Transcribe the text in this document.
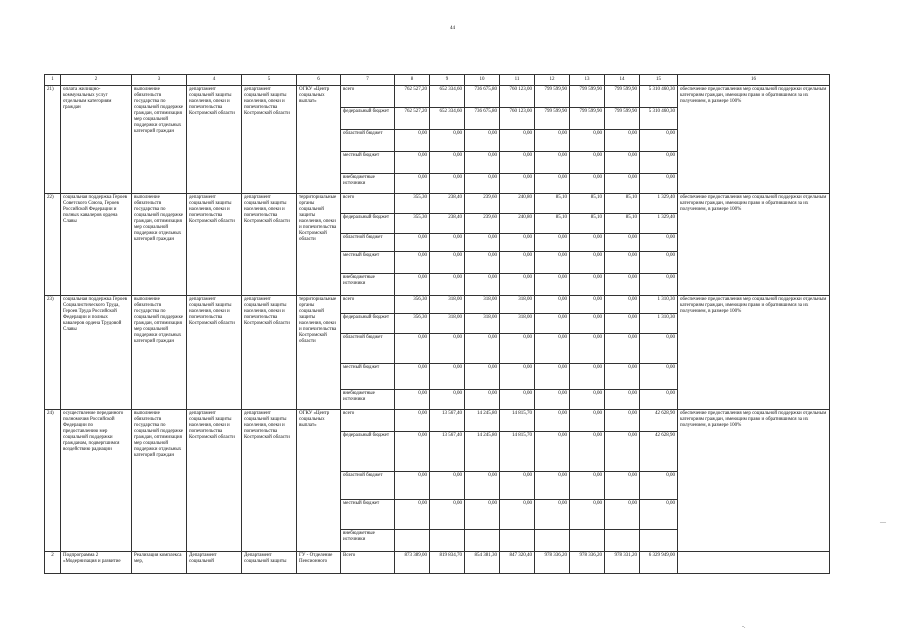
44
—
-.
1	2	3	4	5	6	7	8	9	10	11	12	13	14	15	16
21)	оплата жилищно-коммунальных услуг отдельным категориям граждан	выполнение обязательств государства по социальной поддержке граждан, оптимизация мер социальной поддержки отдельных категорий граждан	департамент социальной защиты населения, опеки и попечительства Костромской области	департамент социальной защиты населения, опеки и попечительства Костромской области	ОГКУ «Центр социальных выплат»	всего	762 527,20	652 334,60	736 675,80	760 123,00	799 599,90	799 599,90	799 599,90	5 310 460,30	обеспечение предоставления мер социальной поддержки отдельным категориям граждан, имеющим право и обратившимся за их получением, в размере 100%
						федеральный бюджет	762 527,20	652 334,60	736 675,80	760 123,00	799 599,90	799 599,90	799 599,90	5 310 460,30	
						областной бюджет	0,00	0,00	0,00	0,00	0,00	0,00	0,00	0,00	
						местный бюджет	0,00	0,00	0,00	0,00	0,00	0,00	0,00	0,00	
						внебюджетные источники	0,00	0,00	0,00	0,00	0,00	0,00	0,00	0,00	
22)	социальная поддержка Героев Советского Союза, Героев Российской Федерации и полных кавалеров ордена Славы	выполнение обязательств государства по социальной поддержке граждан, оптимизация мер социальной поддержки отдельных категорий граждан	департамент социальной защиты населения, опеки и попечительства Костромской области	департамент социальной защиты населения, опеки и попечительства Костромской области	территориальные органы социальной защиты населения, опеки и попечительства Костромской области	всего	355,30	238,40	239,60	240,80	85,10	85,10	85,10	1 329,40	обеспечение предоставления мер социальной поддержки отдельным категориям граждан, имеющим право и обратившимся за их получением, в размере 100%
						федеральный бюджет	355,30	238,40	239,60	240,80	85,10	85,10	85,10	1 329,40	
						областной бюджет	0,00	0,00	0,00	0,00	0,00	0,00	0,00	0,00	
						местный бюджет	0,00	0,00	0,00	0,00	0,00	0,00	0,00	0,00	
						внебюджетные источники	0,00	0,00	0,00	0,00	0,00	0,00	0,00	0,00	
23)	социальная поддержка Героев Социалистического Труда, Героев Труда Российской Федерации и полных кавалеров ордена Трудовой Славы	выполнение обязательств государства по социальной поддержке граждан, оптимизация мер социальной поддержки отдельных категорий граждан	департамент социальной защиты населения, опеки и попечительства Костромской области	департамент социальной защиты населения, опеки и попечительства Костромской области	территориальные органы социальной защиты населения, опеки и попечительства Костромской области	всего	356,30	318,00	318,00	318,00	0,00	0,00	0,00	1 310,30	обеспечение предоставления мер социальной поддержки отдельным категориям граждан, имеющим право и обратившимся за их получением, в размере 100%
						федеральный бюджет	356,30	318,00	318,00	318,00	0,00	0,00	0,00	1 310,30	
						областной бюджет	0,00	0,00	0,00	0,00	0,00	0,00	0,00	0,00	
						местный бюджет	0,00	0,00	0,00	0,00	0,00	0,00	0,00	0,00	
						внебюджетные источники	0,00	0,00	0,00	0,00	0,00	0,00	0,00	0,00	
24)	осуществление переданного полномочия Российской Федерации по предоставлению мер социальной поддержки гражданам, подвергшимся воздействию радиации	выполнение обязательств государства по социальной поддержке граждан, оптимизация мер социальной поддержки отдельных категорий граждан	департамент социальной защиты населения, опеки и попечительства Костромской области	департамент социальной защиты населения, опеки и попечительства Костромской области	ОГКУ «Центр социальных выплат»	всего	0,00	13 567,40	14 245,80	14 815,70	0,00	0,00	0,00	42 628,90	обеспечение предоставления мер социальной поддержки отдельным категориям граждан, имеющим право и обратившимся за их получением, в размере 100%
						федеральный бюджет	0,00	13 567,40	14 245,80	14 815,70	0,00	0,00	0,00	42 628,90	
						областной бюджет	0,00	0,00	0,00	0,00	0,00	0,00	0,00	0,00	
						местный бюджет	0,00	0,00	0,00	0,00	0,00	0,00	0,00	0,00	
						внебюджетные источники									
2	Подпрограмма 2 «Модернизация и развитие	Реализация комплекса мер,	Департамент социальной	Департамент социальной защиты	ГУ - Отделение Пенсионного	Всего	873 389,00	819 834,70	854 381,30	847 320,40	978 336,20	978 336,20	978 331,20	6 329 949,00	
